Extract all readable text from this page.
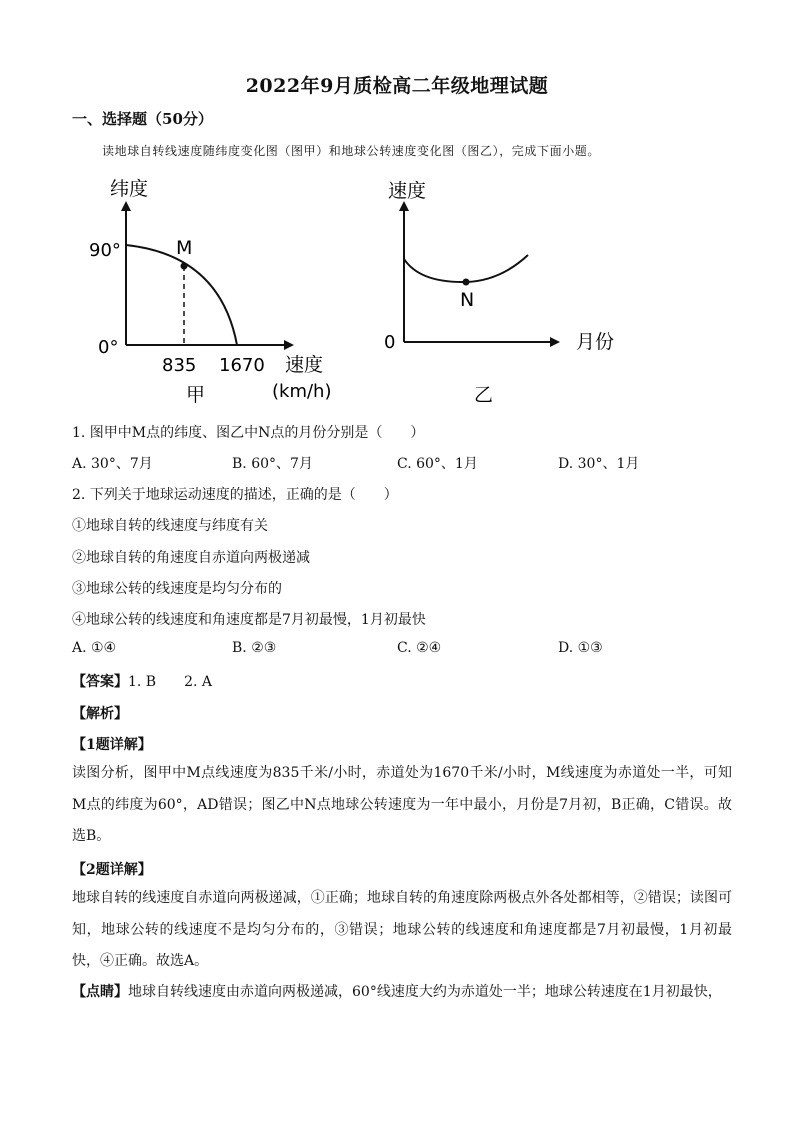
2022年9月质检高二年级地理试题
一、选择题（50分）
读地球自转线速度随纬度变化图（图甲）和地球公转速度变化图（图乙），完成下面小题。
纬度
90°
0°
M
835 1670 速度
(km/h)
甲
速度
0
N
月份
乙
1. 图甲中M点的纬度、图乙中N点的月份分别是（　　）
A. 30°、7月	B. 60°、7月	C. 60°、1月	D. 30°、1月
2. 下列关于地球运动速度的描述，正确的是（　　）
①地球自转的线速度与纬度有关
②地球自转的角速度自赤道向两极递减
③地球公转的线速度是均匀分布的
④地球公转的线速度和角速度都是7月初最慢，1月初最快
A. ①④	B. ②③	C. ②④	D. ①③
【答案】1. B　　2. A
【解析】
【1题详解】
读图分析，图甲中M点线速度为835千米/小时，赤道处为1670千米/小时，M线速度为赤道处一半，可知M点的纬度为60°，AD错误；图乙中N点地球公转速度为一年中最小，月份是7月初，B正确，C错误。故选B。
【2题详解】
地球自转的线速度自赤道向两极递减，①正确；地球自转的角速度除两极点外各处都相等，②错误；读图可知，地球公转的线速度不是均匀分布的，③错误；地球公转的线速度和角速度都是7月初最慢，1月初最快，④正确。故选A。
【点睛】地球自转线速度由赤道向两极递减，60°线速度大约为赤道处一半；地球公转速度在1月初最快，
